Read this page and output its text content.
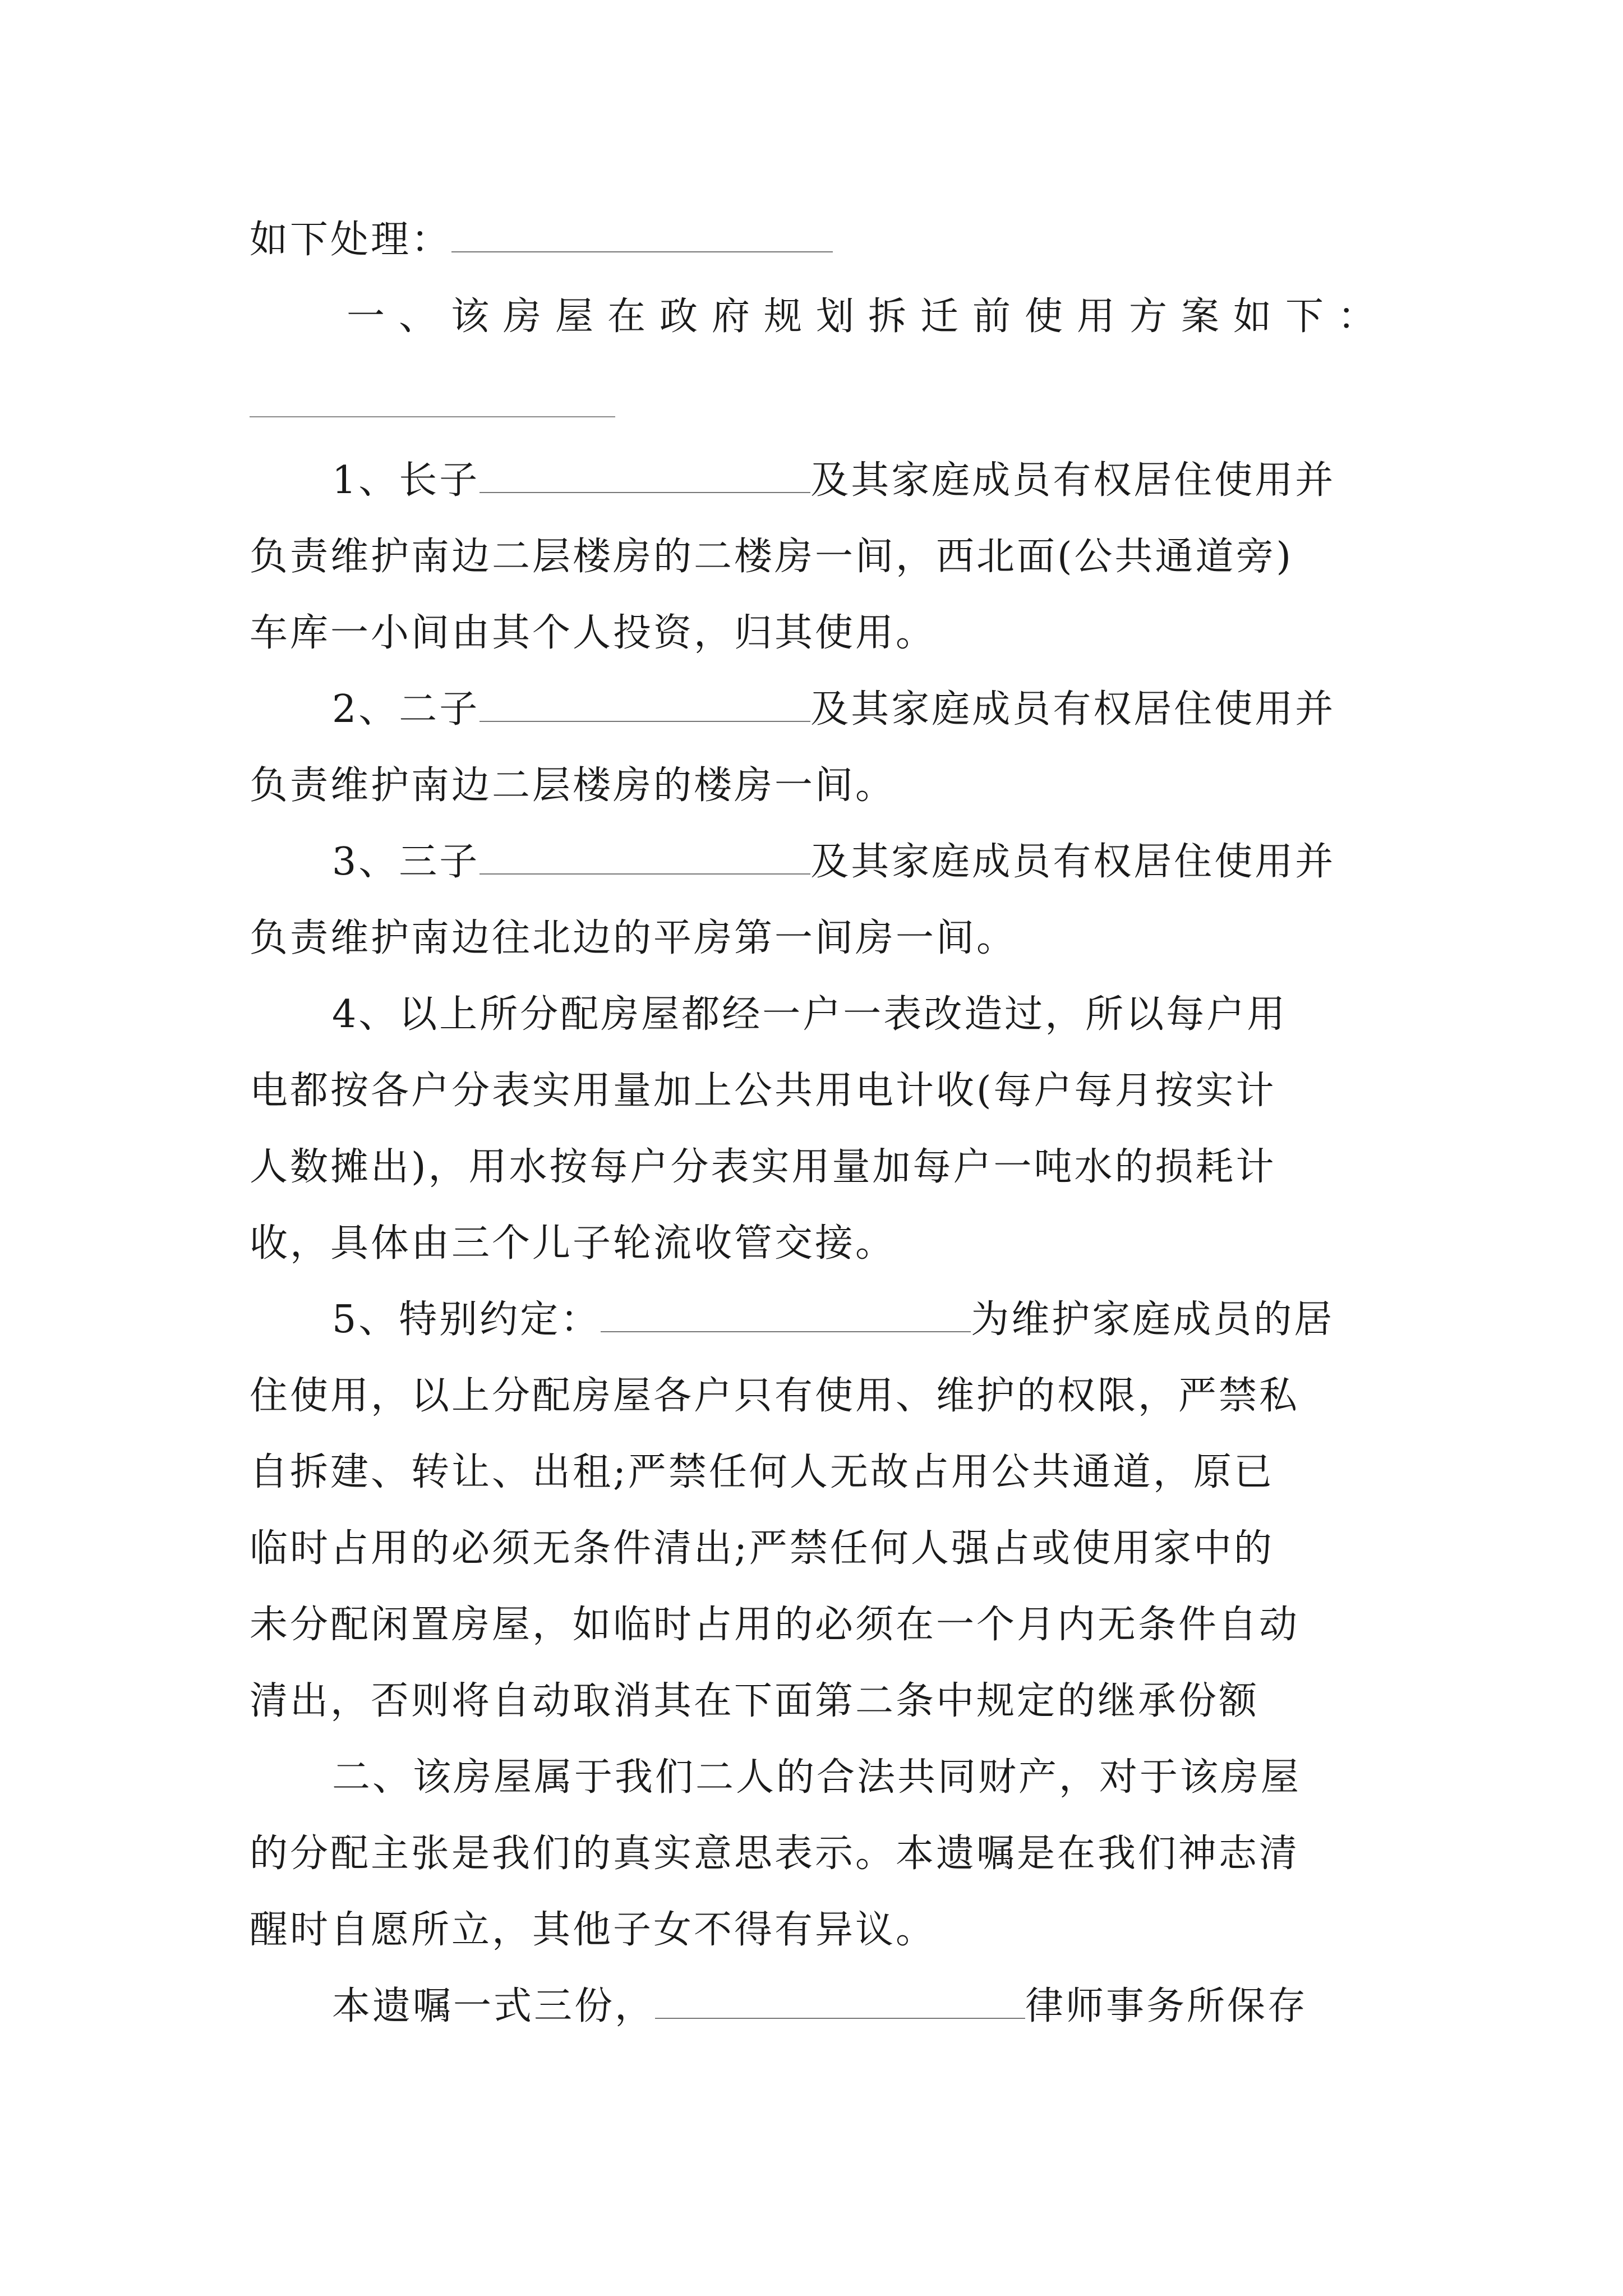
如下处理：
一、该房屋在政府规划拆迁前使用方案如下：
1、长子	及其家庭成员有权居住使用并
负责维护南边二层楼房的二楼房一间，西北面(公共通道旁)
车库一小间由其个人投资，归其使用。
2、二子	及其家庭成员有权居住使用并
负责维护南边二层楼房的楼房一间。
3、三子	及其家庭成员有权居住使用并
负责维护南边往北边的平房第一间房一间。
4、以上所分配房屋都经一户一表改造过，所以每户用
电都按各户分表实用量加上公共用电计收(每户每月按实计
人数摊出)，用水按每户分表实用量加每户一吨水的损耗计
收，具体由三个儿子轮流收管交接。
5、特别约定：	为维护家庭成员的居
住使用，以上分配房屋各户只有使用、维护的权限，严禁私
自拆建、转让、出租;严禁任何人无故占用公共通道，原已
临时占用的必须无条件清出;严禁任何人强占或使用家中的
未分配闲置房屋，如临时占用的必须在一个月内无条件自动
清出，否则将自动取消其在下面第二条中规定的继承份额
二、该房屋属于我们二人的合法共同财产，对于该房屋
的分配主张是我们的真实意思表示。本遗嘱是在我们神志清
醒时自愿所立，其他子女不得有异议。
本遗嘱一式三份，	律师事务所保存
